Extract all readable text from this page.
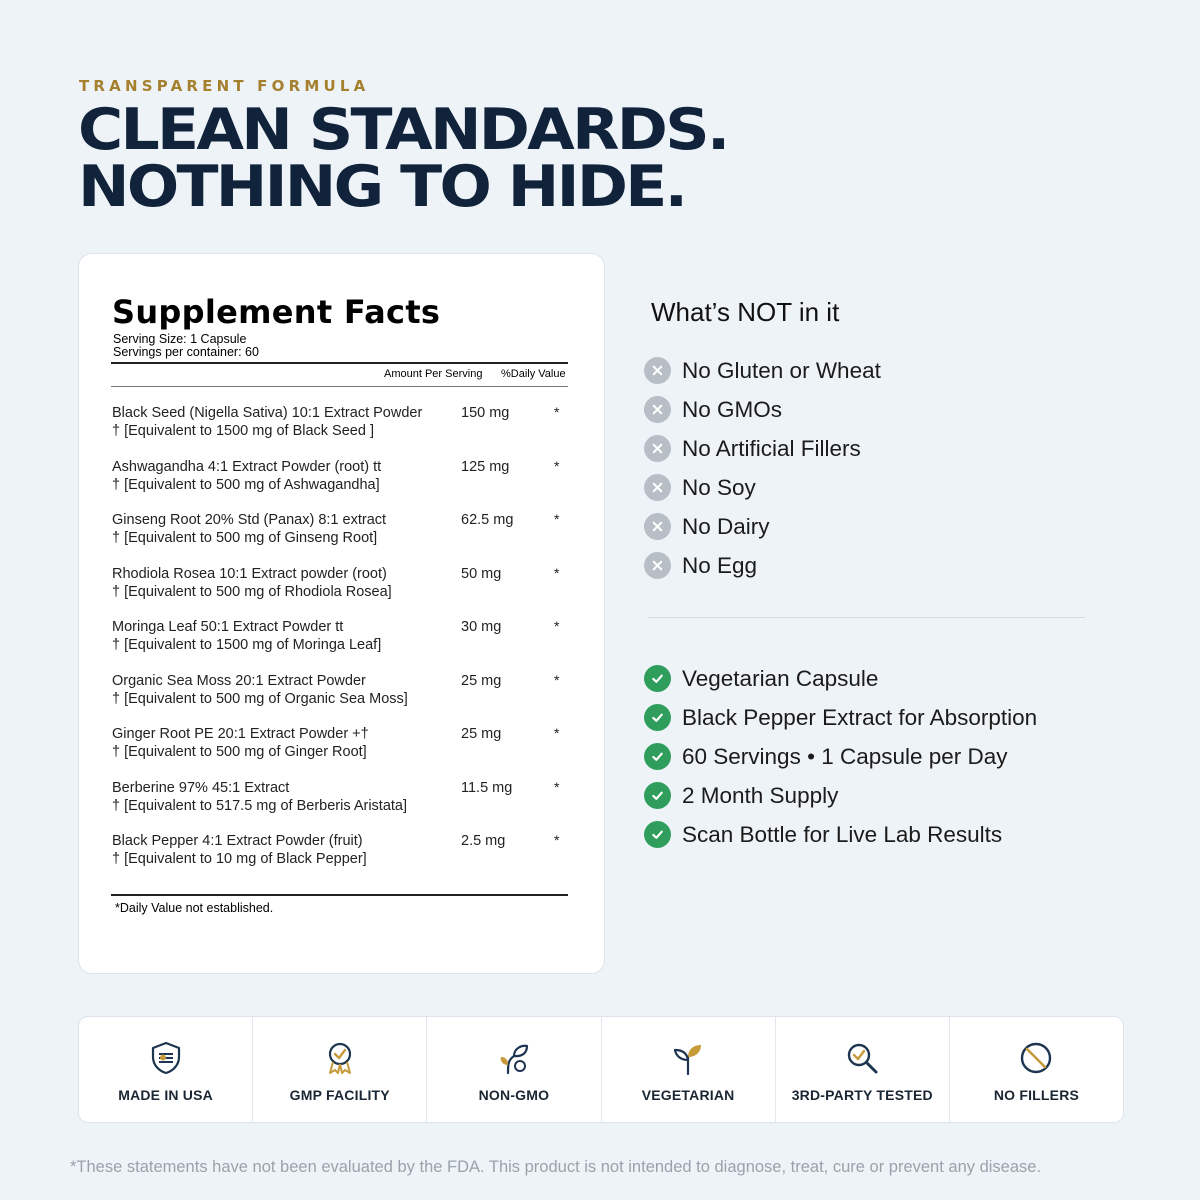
TRANSPARENT FORMULA
CLEAN STANDARDS.
NOTHING TO HIDE.
Supplement Facts
Serving Size: 1 Capsule
Servings per container: 60
Amount Per Serving %Daily Value
Black Seed (Nigella Sativa) 10:1 Extract Powder
† [Equivalent to 1500 mg of Black Seed ]
150 mg	*
Ashwagandha 4:1 Extract Powder (root) tt
† [Equivalent to 500 mg of Ashwagandha]
125 mg	*
Ginseng Root 20% Std (Panax) 8:1 extract
† [Equivalent to 500 mg of Ginseng Root]
62.5 mg	*
Rhodiola Rosea 10:1 Extract powder (root)
† [Equivalent to 500 mg of Rhodiola Rosea]
50 mg	*
Moringa Leaf 50:1 Extract Powder tt
† [Equivalent to 1500 mg of Moringa Leaf]
30 mg	*
Organic Sea Moss 20:1 Extract Powder
† [Equivalent to 500 mg of Organic Sea Moss]
25 mg	*
Ginger Root PE 20:1 Extract Powder +†
† [Equivalent to 500 mg of Ginger Root]
25 mg	*
Berberine 97% 45:1 Extract
† [Equivalent to 517.5 mg of Berberis Aristata]
11.5 mg	*
Black Pepper 4:1 Extract Powder (fruit)
† [Equivalent to 10 mg of Black Pepper]
2.5 mg	*
*Daily Value not established.
What’s NOT in it
No Gluten or Wheat
No GMOs
No Artificial Fillers
No Soy
No Dairy
No Egg
Vegetarian Capsule
Black Pepper Extract for Absorption
60 Servings • 1 Capsule per Day
2 Month Supply
Scan Bottle for Live Lab Results
MADE IN USA	GMP FACILITY	NON-GMO	VEGETARIAN	3RD-PARTY TESTED	NO FILLERS
*These statements have not been evaluated by the FDA. This product is not intended to diagnose, treat, cure or prevent any disease.
